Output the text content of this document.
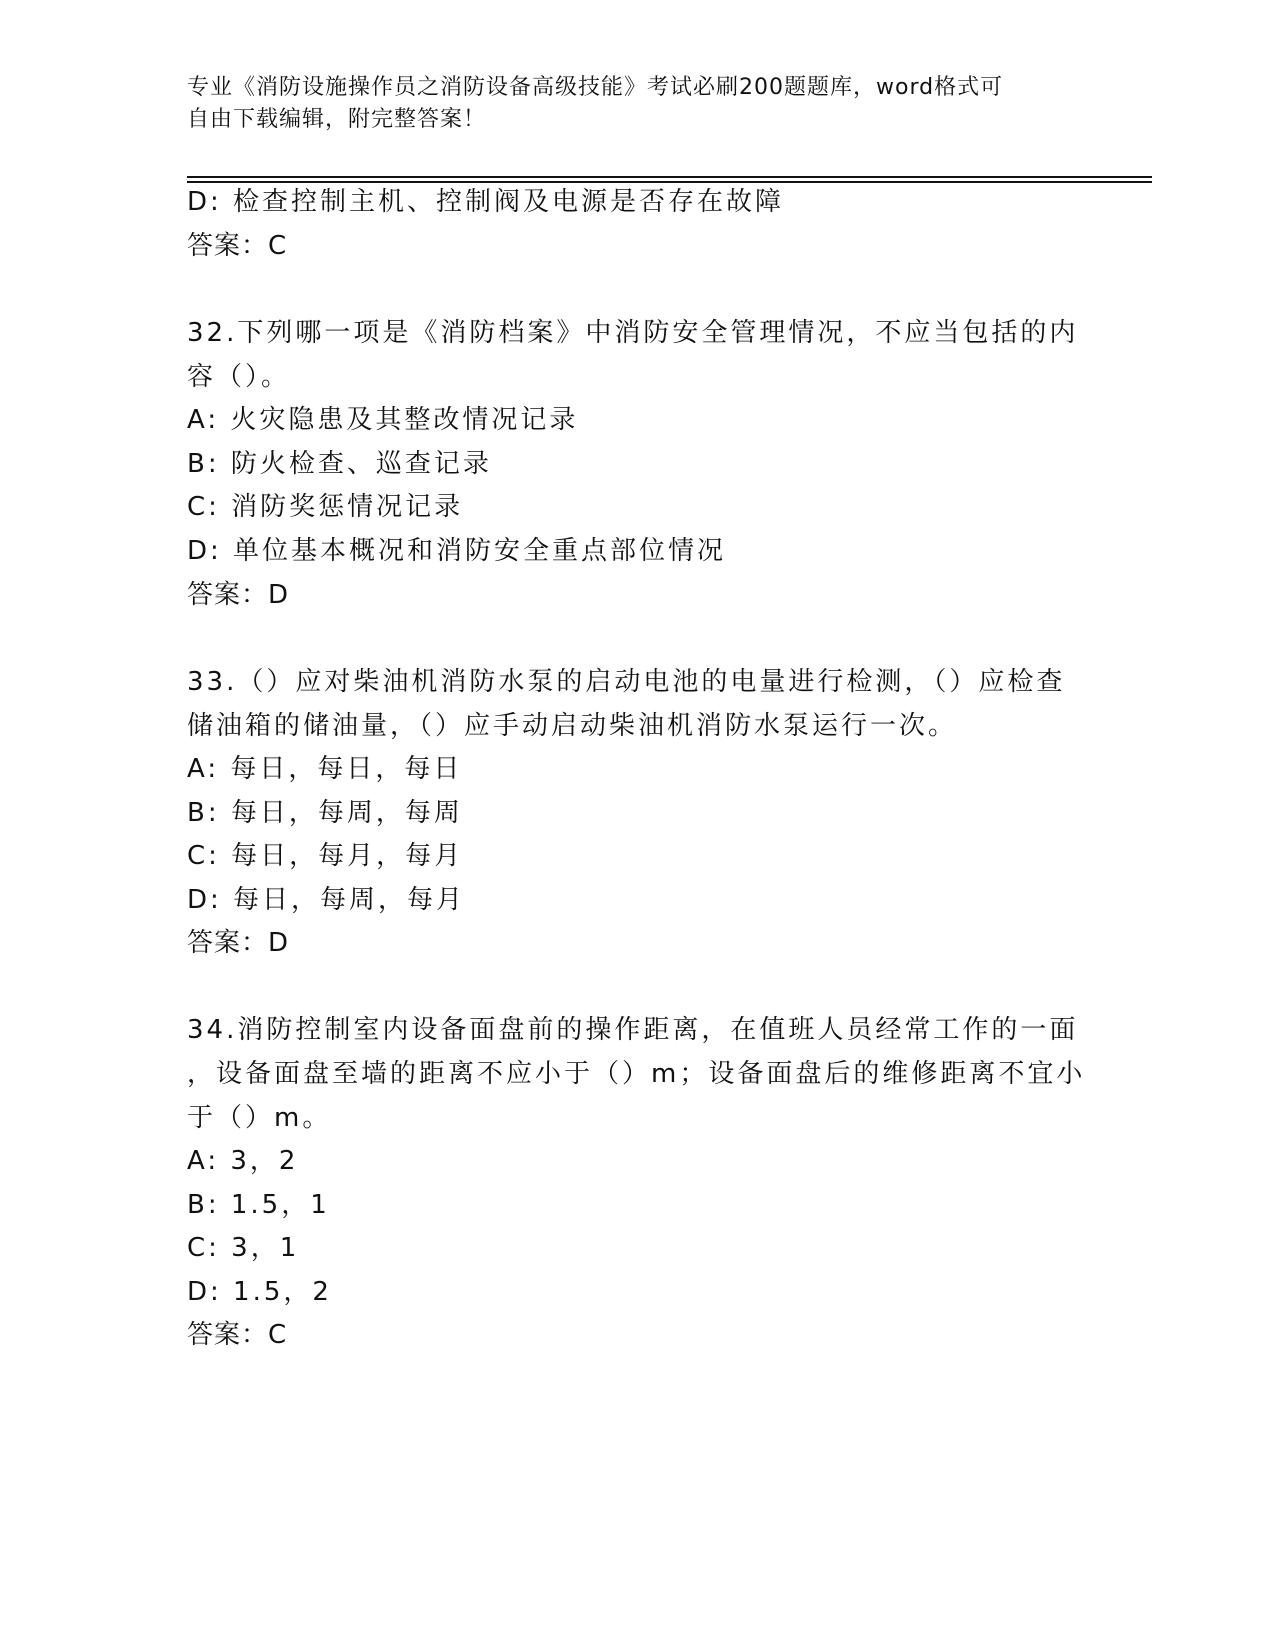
专业《消防设施操作员之消防设备高级技能》考试必刷200题题库，word格式可
自由下载编辑，附完整答案！
D: 检查控制主机、控制阀及电源是否存在故障
答案：C
32.下列哪一项是《消防档案》中消防安全管理情况，不应当包括的内
容（）。
A: 火灾隐患及其整改情况记录
B: 防火检查、巡查记录
C: 消防奖惩情况记录
D: 单位基本概况和消防安全重点部位情况
答案：D
33.（）应对柴油机消防水泵的启动电池的电量进行检测，（）应检查
储油箱的储油量，（）应手动启动柴油机消防水泵运行一次。
A: 每日，每日，每日
B: 每日，每周，每周
C: 每日，每月，每月
D: 每日，每周，每月
答案：D
34.消防控制室内设备面盘前的操作距离，在值班人员经常工作的一面
，设备面盘至墙的距离不应小于（）m；设备面盘后的维修距离不宜小
于（）m。
A: 3，2
B: 1.5，1
C: 3，1
D: 1.5，2
答案：C
